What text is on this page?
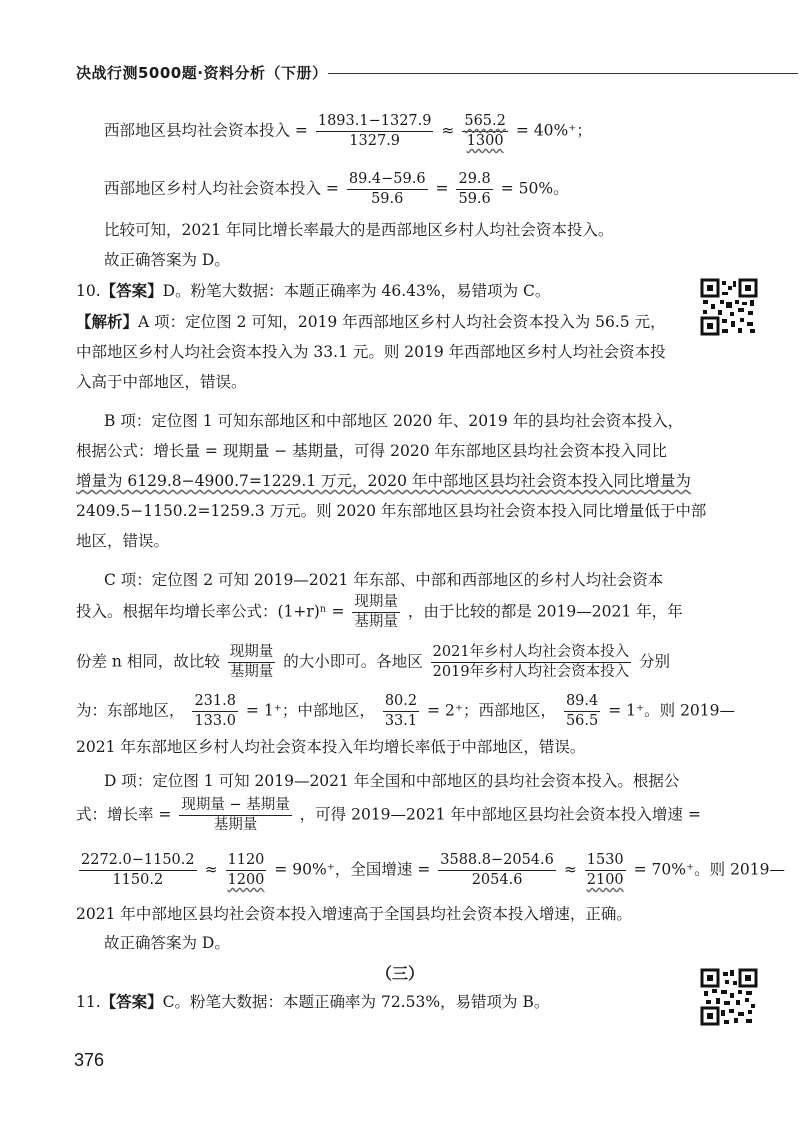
决战行测5000题·资料分析（下册）
西部地区县均社会资本投入 = $\frac{1893.1-1327.9}{1327.9} \approx \frac{565.2}{1300} = 40\%^+$；
西部地区乡村人均社会资本投入 = $\frac{89.4-59.6}{59.6} = \frac{29.8}{59.6} = 50\%$。
比较可知，2021 年同比增长率最大的是西部地区乡村人均社会资本投入。
故正确答案为 D。
10.【答案】D。粉笔大数据：本题正确率为 46.43%，易错项为 C。
【解析】A 项：定位图 2 可知，2019 年西部地区乡村人均社会资本投入为 56.5 元，
中部地区乡村人均社会资本投入为 33.1 元。则 2019 年西部地区乡村人均社会资本投
入高于中部地区，错误。
B 项：定位图 1 可知东部地区和中部地区 2020 年、2019 年的县均社会资本投入，
根据公式：增长量 = 现期量 − 基期量，可得 2020 年东部地区县均社会资本投入同比
增量为 6129.8−4900.7=1229.1 万元，2020 年中部地区县均社会资本投入同比增量为
2409.5−1150.2=1259.3 万元。则 2020 年东部地区县均社会资本投入同比增量低于中部
地区，错误。
C 项：定位图 2 可知 2019—2021 年东部、中部和西部地区的乡村人均社会资本
投入。根据年均增长率公式：$(1+r)^n = \frac{\text{现期量}}{\text{基期量}}$ ，由于比较的都是 2019—2021 年，年
份差 n 相同，故比较 $\frac{\text{现期量}}{\text{基期量}}$ 的大小即可。各地区 $\frac{\text{2021年乡村人均社会资本投入}}{\text{2019年乡村人均社会资本投入}}$ 分别
为：东部地区， $\frac{231.8}{133.0} = 1^+$；中部地区， $\frac{80.2}{33.1} = 2^+$；西部地区， $\frac{89.4}{56.5} = 1^+$。则 2019—
2021 年东部地区乡村人均社会资本投入年均增长率低于中部地区，错误。
D 项：定位图 1 可知 2019—2021 年全国和中部地区的县均社会资本投入。根据公
式：增长率 = $\frac{\text{现期量 − 基期量}}{\text{基期量}}$ ，可得 2019—2021 年中部地区县均社会资本投入增速 =
$\frac{2272.0-1150.2}{1150.2} \approx \frac{1120}{1200} = 90\%^+$，全国增速 = $\frac{3588.8-2054.6}{2054.6} \approx \frac{1530}{2100} = 70\%^+$。则 2019—
2021 年中部地区县均社会资本投入增速高于全国县均社会资本投入增速，正确。
故正确答案为 D。
（三）
11.【答案】C。粉笔大数据：本题正确率为 72.53%，易错项为 B。
376
